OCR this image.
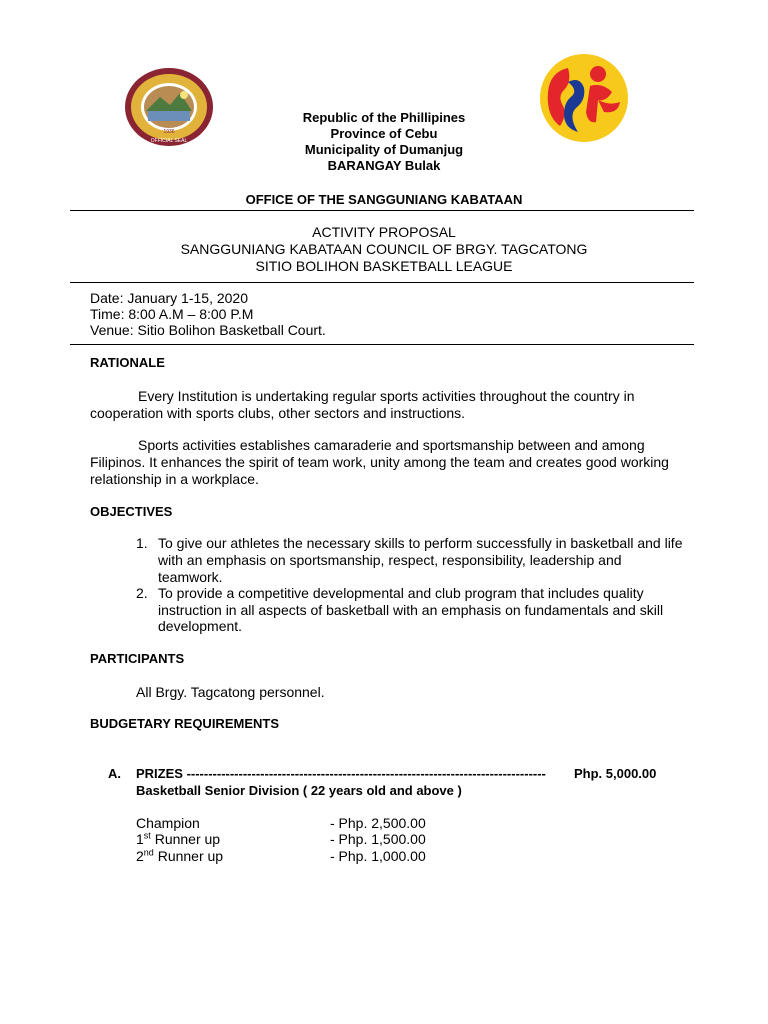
1936
OFFICIAL SEAL
Republic of the Phillipines
Province of Cebu
Municipality of Dumanjug
BARANGAY Bulak
OFFICE OF THE SANGGUNIANG KABATAAN
ACTIVITY PROPOSAL
SANGGUNIANG KABATAAN COUNCIL OF BRGY. TAGCATONG
SITIO BOLIHON BASKETBALL LEAGUE
Date: January 1-15, 2020
Time: 8:00 A.M – 8:00 P.M
Venue: Sitio Bolihon Basketball Court.
RATIONALE
Every Institution is undertaking regular sports activities throughout the country in
cooperation with sports clubs, other sectors and instructions.
Sports activities establishes camaraderie and sportsmanship between and among
Filipinos. It enhances the spirit of team work, unity among the team and creates good working
relationship in a workplace.
OBJECTIVES
1. To give our athletes the necessary skills to perform successfully in basketball and life
with an emphasis on sportsmanship, respect, responsibility, leadership and
teamwork.
2. To provide a competitive developmental and club program that includes quality
instruction in all aspects of basketball with an emphasis on fundamentals and skill
development.
PARTICIPANTS
All Brgy. Tagcatong personnel.
BUDGETARY REQUIREMENTS
A. PRIZES ----------------------------------------------------------------------------------- Php. 5,000.00
Basketball Senior Division ( 22 years old and above )
Champion	- Php. 2,500.00
1st Runner up	- Php. 1,500.00
2nd Runner up	- Php. 1,000.00
